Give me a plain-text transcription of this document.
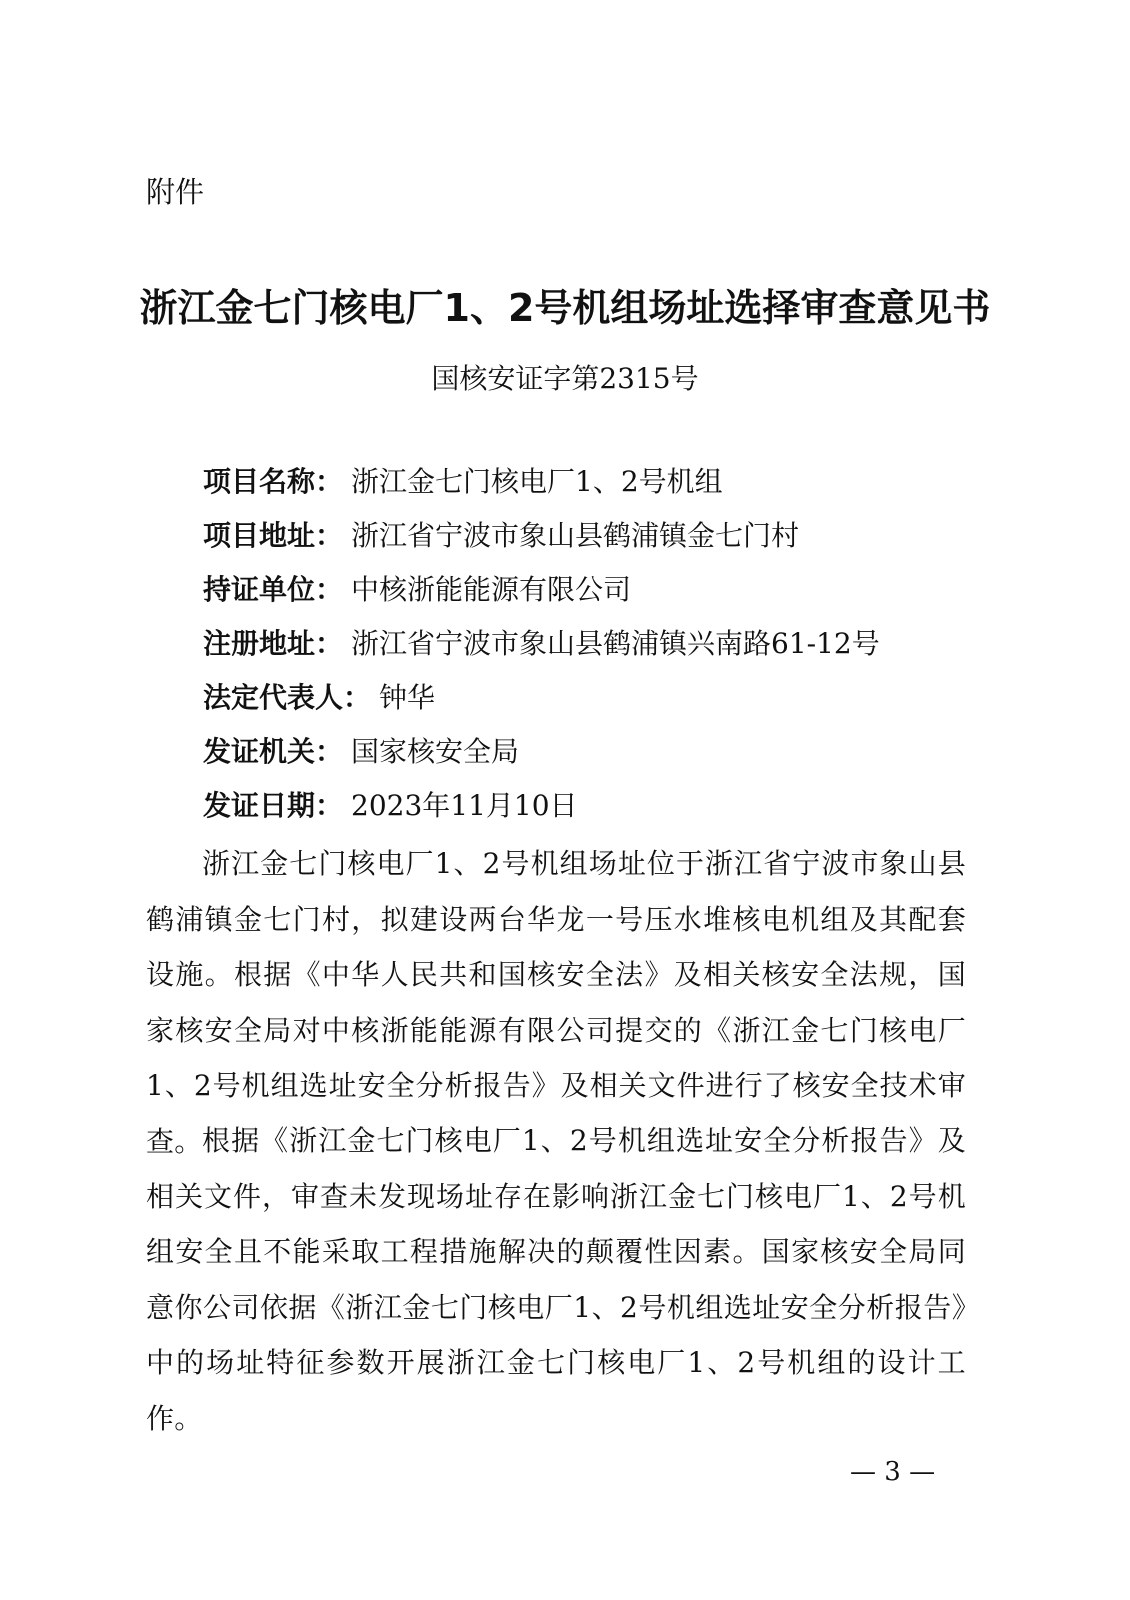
附件
浙江金七门核电厂1、2号机组场址选择审查意见书
国核安证字第2315号
项目名称： 浙江金七门核电厂1、2号机组
项目地址： 浙江省宁波市象山县鹤浦镇金七门村
持证单位： 中核浙能能源有限公司
注册地址： 浙江省宁波市象山县鹤浦镇兴南路61-12号
法定代表人： 钟华
发证机关： 国家核安全局
发证日期： 2023年11月10日

浙江金七门核电厂1、2号机组场址位于浙江省宁波市象山县鹤浦镇金七门村，拟建设两台华龙一号压水堆核电机组及其配套设施。根据《中华人民共和国核安全法》及相关核安全法规，国家核安全局对中核浙能能源有限公司提交的《浙江金七门核电厂1、2号机组选址安全分析报告》及相关文件进行了核安全技术审查。 根据《浙江金七门核电厂1、2号机组选址安全分析报告》及相关文件，审查未发现场址存在影响浙江金七门核电厂1、2号机组安全且不能采取工程措施解决的颠覆性因素。国家核安全局同意你公司依据《浙江金七门核电厂1、2号机组选址安全分析报告》中的场址特征参数开展浙江金七门核电厂1、2号机组的设计工作。

— 3 —
